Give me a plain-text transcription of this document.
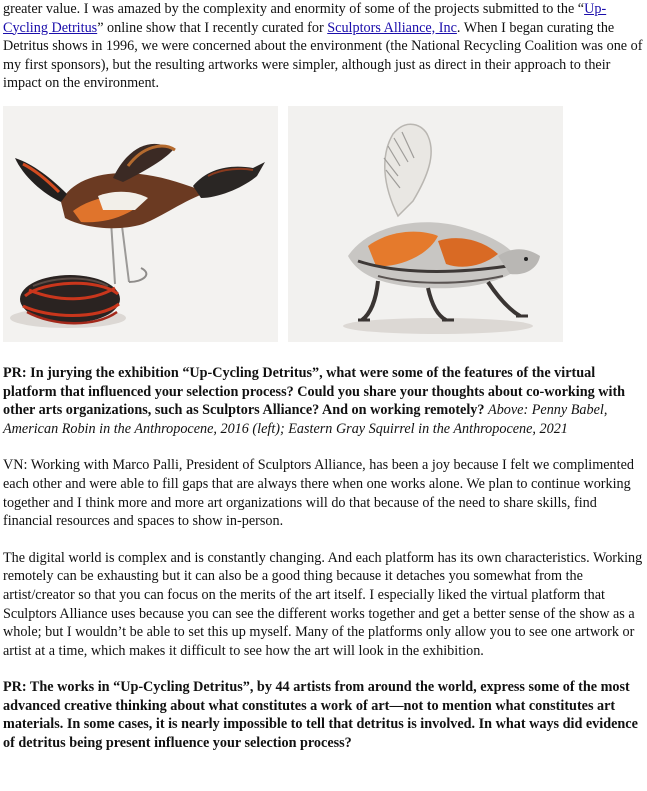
greater value. I was amazed by the complexity and enormity of some of the projects submitted to the “Up-Cycling Detritus” online show that I recently curated for Sculptors Alliance, Inc. When I began curating the Detritus shows in 1996, we were concerned about the environment (the National Recycling Coalition was one of my first sponsors), but the resulting artworks were simpler, although just as direct in their approach to their impact on the environment.

PR: In jurying the exhibition “Up-Cycling Detritus”, what were some of the features of the virtual platform that influenced your selection process? Could you share your thoughts about co-working with other arts organizations, such as Sculptors Alliance? And on working remotely? Above: Penny Babel, American Robin in the Anthropocene, 2016 (left); Eastern Gray Squirrel in the Anthropocene, 2021

VN: Working with Marco Palli, President of Sculptors Alliance, has been a joy because I felt we complimented each other and were able to fill gaps that are always there when one works alone. We plan to continue working together and I think more and more art organizations will do that because of the need to share skills, find financial resources and spaces to show in-person.

The digital world is complex and is constantly changing. And each platform has its own characteristics. Working remotely can be exhausting but it can also be a good thing because it detaches you somewhat from the artist/creator so that you can focus on the merits of the art itself. I especially liked the virtual platform that Sculptors Alliance uses because you can see the different works together and get a better sense of the show as a whole; but I wouldn’t be able to set this up myself. Many of the platforms only allow you to see one artwork or artist at a time, which makes it difficult to see how the art will look in the exhibition.

PR: The works in “Up-Cycling Detritus”, by 44 artists from around the world, express some of the most advanced creative thinking about what constitutes a work of art—not to mention what constitutes art materials. In some cases, it is nearly impossible to tell that detritus is involved. In what ways did evidence of detritus being present influence your selection process?
